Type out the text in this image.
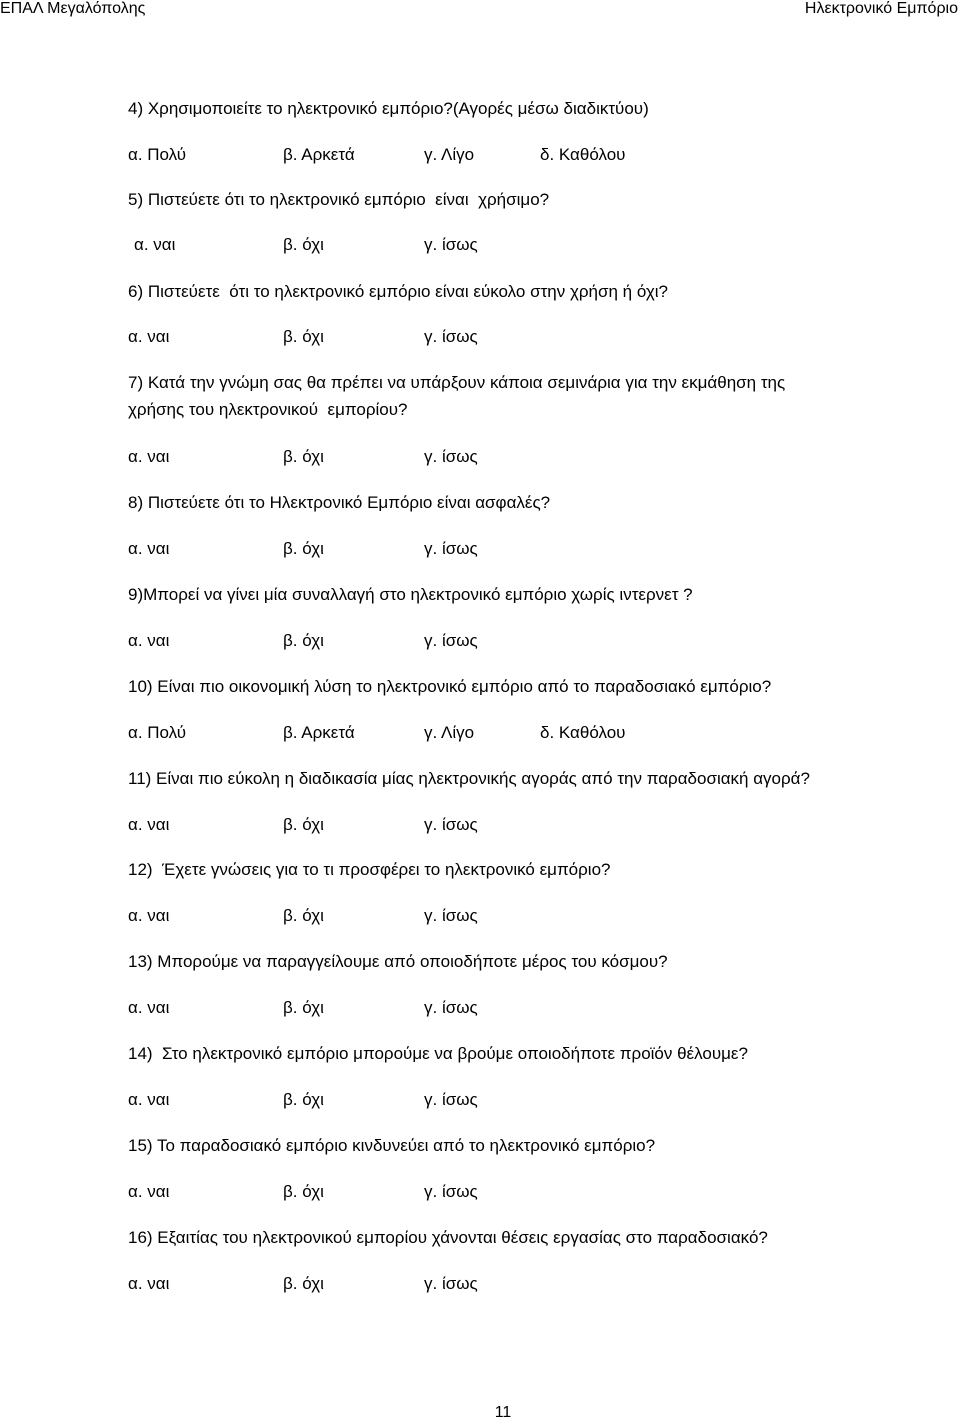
ΕΠΑΛ Μεγαλόπολης	Ηλεκτρονικό Εμπόριο
4) Χρησιμοποιείτε το ηλεκτρονικό εμπόριο?(Αγορές μέσω διαδικτύου)
α. Πολύ	β. Αρκετά	γ. Λίγο	δ. Καθόλου
5) Πιστεύετε ότι το ηλεκτρονικό εμπόριο  είναι  χρήσιμο?
α. ναι	β. όχι	γ. ίσως
6) Πιστεύετε  ότι το ηλεκτρονικό εμπόριο είναι εύκολο στην χρήση ή όχι?
α. ναι	β. όχι	γ. ίσως
7) Κατά την γνώμη σας θα πρέπει να υπάρξουν κάποια σεμινάρια για την εκμάθηση της
χρήσης του ηλεκτρονικού  εμπορίου?
α. ναι	β. όχι	γ. ίσως
8) Πιστεύετε ότι το Ηλεκτρονικό Εμπόριο είναι ασφαλές?
α. ναι	β. όχι	γ. ίσως
9)Μπορεί να γίνει μία συναλλαγή στο ηλεκτρονικό εμπόριο χωρίς ιντερνετ ?
α. ναι	β. όχι	γ. ίσως
10) Είναι πιο οικονομική λύση το ηλεκτρονικό εμπόριο από το παραδοσιακό εμπόριο?
α. Πολύ	β. Αρκετά	γ. Λίγο	δ. Καθόλου
11) Είναι πιο εύκολη η διαδικασία μίας ηλεκτρονικής αγοράς από την παραδοσιακή αγορά?
α. ναι	β. όχι	γ. ίσως
12)  Έχετε γνώσεις για το τι προσφέρει το ηλεκτρονικό εμπόριο?
α. ναι	β. όχι	γ. ίσως
13) Μπορούμε να παραγγείλουμε από οποιοδήποτε μέρος του κόσμου?
α. ναι	β. όχι	γ. ίσως
14)  Στο ηλεκτρονικό εμπόριο μπορούμε να βρούμε οποιοδήποτε προϊόν θέλουμε?
α. ναι	β. όχι	γ. ίσως
15) Το παραδοσιακό εμπόριο κινδυνεύει από το ηλεκτρονικό εμπόριο?
α. ναι	β. όχι	γ. ίσως
16) Εξαιτίας του ηλεκτρονικού εμπορίου χάνονται θέσεις εργασίας στο παραδοσιακό?
α. ναι	β. όχι	γ. ίσως
11
